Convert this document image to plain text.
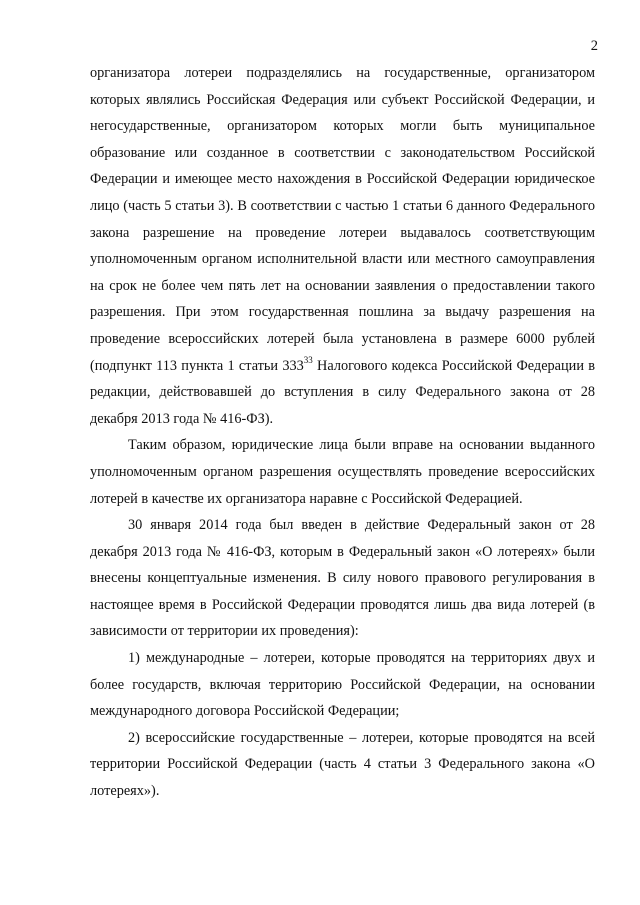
2

организатора лотереи подразделялись на государственные, организатором которых являлись Российская Федерация или субъект Российской Федерации, и негосударственные, организатором которых могли быть муниципальное образование или созданное в соответствии с законодательством Российской Федерации и имеющее место нахождения в Российской Федерации юридическое лицо (часть 5 статьи 3). В соответствии с частью 1 статьи 6 данного Федерального закона разрешение на проведение лотереи выдавалось соответствующим уполномоченным органом исполнительной власти или местного самоуправления на срок не более чем пять лет на основании заявления о предоставлении такого разрешения. При этом государственная пошлина за выдачу разрешения на проведение всероссийских лотерей была установлена в размере 6000 рублей (подпункт 113 пункта 1 статьи $333^{33}$ Налогового кодекса Российской Федерации в редакции, действовавшей до вступления в силу Федерального закона от 28 декабря 2013 года № 416-ФЗ).

Таким образом, юридические лица были вправе на основании выданного уполномоченным органом разрешения осуществлять проведение всероссийских лотерей в качестве их организатора наравне с Российской Федерацией.

30 января 2014 года был введен в действие Федеральный закон от 28 декабря 2013 года № 416-ФЗ, которым в Федеральный закон «О лотереях» были внесены концептуальные изменения. В силу нового правового регулирования в настоящее время в Российской Федерации проводятся лишь два вида лотерей (в зависимости от территории их проведения):

1) международные – лотереи, которые проводятся на территориях двух и более государств, включая территорию Российской Федерации, на основании международного договора Российской Федерации;

2) всероссийские государственные – лотереи, которые проводятся на всей территории Российской Федерации (часть 4 статьи 3 Федерального закона «О лотереях»).
